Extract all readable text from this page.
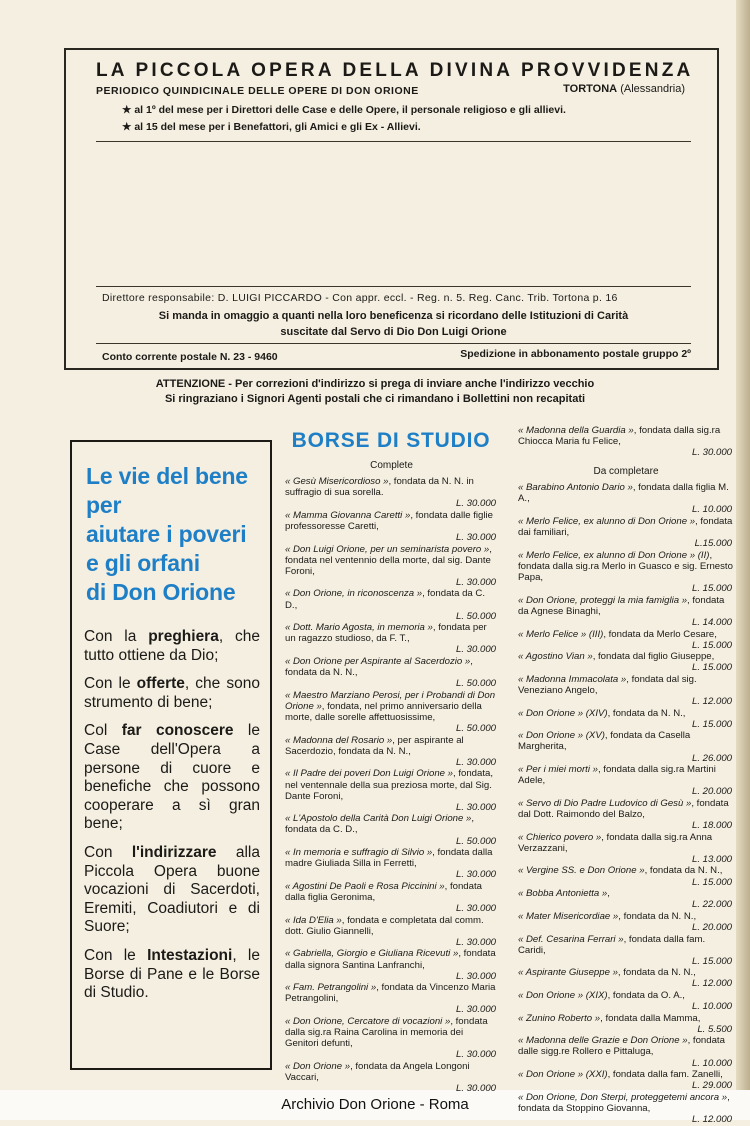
Archivio Don Orione - Roma
LA PICCOLA OPERA DELLA DIVINA PROVVIDENZA
PERIODICO QUINDICINALE DELLE OPERE DI DON ORIONE	TORTONA (Alessandria)
★ al 1º del mese per i Direttori delle Case e delle Opere, il personale religioso e gli allievi.
★ al 15 del mese per i Benefattori, gli Amici e gli Ex - Allievi.
Direttore responsabile: D. LUIGI PICCARDO - Con appr. eccl. - Reg. n. 5. Reg. Canc. Trib. Tortona p. 16
Si manda in omaggio a quanti nella loro beneficenza si ricordano delle Istituzioni di Carità
suscitate dal Servo di Dio Don Luigi Orione
Conto corrente postale N. 23 - 9460	Spedizione in abbonamento postale gruppo 2º
ATTENZIONE - Per correzioni d'indirizzo si prega di inviare anche l'indirizzo vecchio
Si ringraziano i Signori Agenti postali che ci rimandano i Bollettini non recapitati
Le vie del bene
per
aiutare i poveri
e gli orfani
di Don Orione

Con la preghiera, che tutto ottiene da Dio;

Con le offerte, che sono strumento di bene;

Col far conoscere le Case dell'Opera a persone di cuore e benefiche che possono cooperare a sì gran bene;

Con l'indirizzare alla Piccola Opera buone vocazioni di Sacerdoti, Eremiti, Coadiutori e di Suore;

Con le Intestazioni, le Borse di Pane e le Borse di Studio.

BORSE DI STUDIO
Complete
« Gesù Misericordioso », fondata da N. N. in suffragio di sua sorella.
L. 30.000
« Mamma Giovanna Caretti », fondata dalle figlie professoresse Caretti,
L. 30.000
« Don Luigi Orione, per un seminarista povero », fondata nel ventennio della morte, dal sig. Dante Foroni,
L. 30.000
« Don Orione, in riconoscenza », fondata da C. D.,
L. 50.000
« Dott. Mario Agosta, in memoria », fondata per un ragazzo studioso, da F. T.,
L. 30.000
« Don Orione per Aspirante al Sacerdozio », fondata da N. N.,
L. 50.000
« Maestro Marziano Perosi, per i Probandi di Don Orione », fondata, nel primo anniversario della morte, dalle sorelle affettuosissime,
L. 50.000
« Madonna del Rosario », per aspirante al Sacerdozio, fondata da N. N.,
L. 30.000
« Il Padre dei poveri Don Luigi Orione », fondata, nel ventennale della sua preziosa morte, dal Sig. Dante Foroni,
L. 30.000
« L'Apostolo della Carità Don Luigi Orione », fondata da C. D.,
L. 50.000
« In memoria e suffragio di Silvio », fondata dalla madre Giuliada Silla in Ferretti,
L. 30.000
« Agostini De Paoli e Rosa Piccinini », fondata dalla figlia Geronima,
L. 30.000
« Ida D'Elia », fondata e completata dal comm. dott. Giulio Giannelli,
L. 30.000
« Gabriella, Giorgio e Giuliana Ricevuti », fondata dalla signora Santina Lanfranchi,
L. 30.000
« Fam. Petrangolini », fondata da Vincenzo Maria Petrangolini,
L. 30.000
« Don Orione, Cercatore di vocazioni », fondata dalla sig.ra Raina Carolina in memoria dei Genitori defunti,
L. 30.000
« Don Orione », fondata da Angela Longoni Vaccari,
L. 30.000
« Madonna della Guardia », fondata dalla sig.ra Chiocca Maria fu Felice,
L. 30.000
Da completare
« Barabino Antonio Dario », fondata dalla figlia M. A.,
L. 10.000
« Merlo Felice, ex alunno di Don Orione », fondata dai familiari,
L.15.000
« Merlo Felice, ex alunno di Don Orione » (II), fondata dalla sig.ra Merlo in Guasco e sig. Ernesto Papa,
L. 15.000
« Don Orione, proteggi la mia famiglia », fondata da Agnese Binaghi,
L. 14.000
« Merlo Felice » (III), fondata da Merlo Cesare,
L. 15.000
« Agostino Vian », fondata dal figlio Giuseppe,
L. 15.000
« Madonna Immacolata », fondata dal sig. Veneziano Angelo,
L. 12.000
« Don Orione » (XIV), fondata da N. N.,
L. 15.000
« Don Orione » (XV), fondata da Casella Margherita,
L. 26.000
« Per i miei morti », fondata dalla sig.ra Martini Adele,
L. 20.000
« Servo di Dio Padre Ludovico di Gesù », fondata dal Dott. Raimondo del Balzo,
L. 18.000
« Chierico povero », fondata dalla sig.ra Anna Verzazzani,
L. 13.000
« Vergine SS. e Don Orione », fondata da N. N.,
L. 15.000
« Bobba Antonietta »,
L. 22.000
« Mater Misericordiae », fondata da N. N.,
L. 20.000
« Def. Cesarina Ferrari », fondata dalla fam. Caridi,
L. 15.000
« Aspirante Giuseppe », fondata da N. N.,
L. 12.000
« Don Orione » (XIX), fondata da O. A.,
L. 10.000
« Zunino Roberto », fondata dalla Mamma,
L. 5.500
« Madonna delle Grazie e Don Orione », fondata dalle sigg.re Rollero e Pittaluga,
L. 10.000
« Don Orione » (XXI), fondata dalla fam. Zanelli,
L. 29.000
« Don Orione, Don Sterpi, proteggetemi ancora », fondata da Stoppino Giovanna,
L. 12.000
